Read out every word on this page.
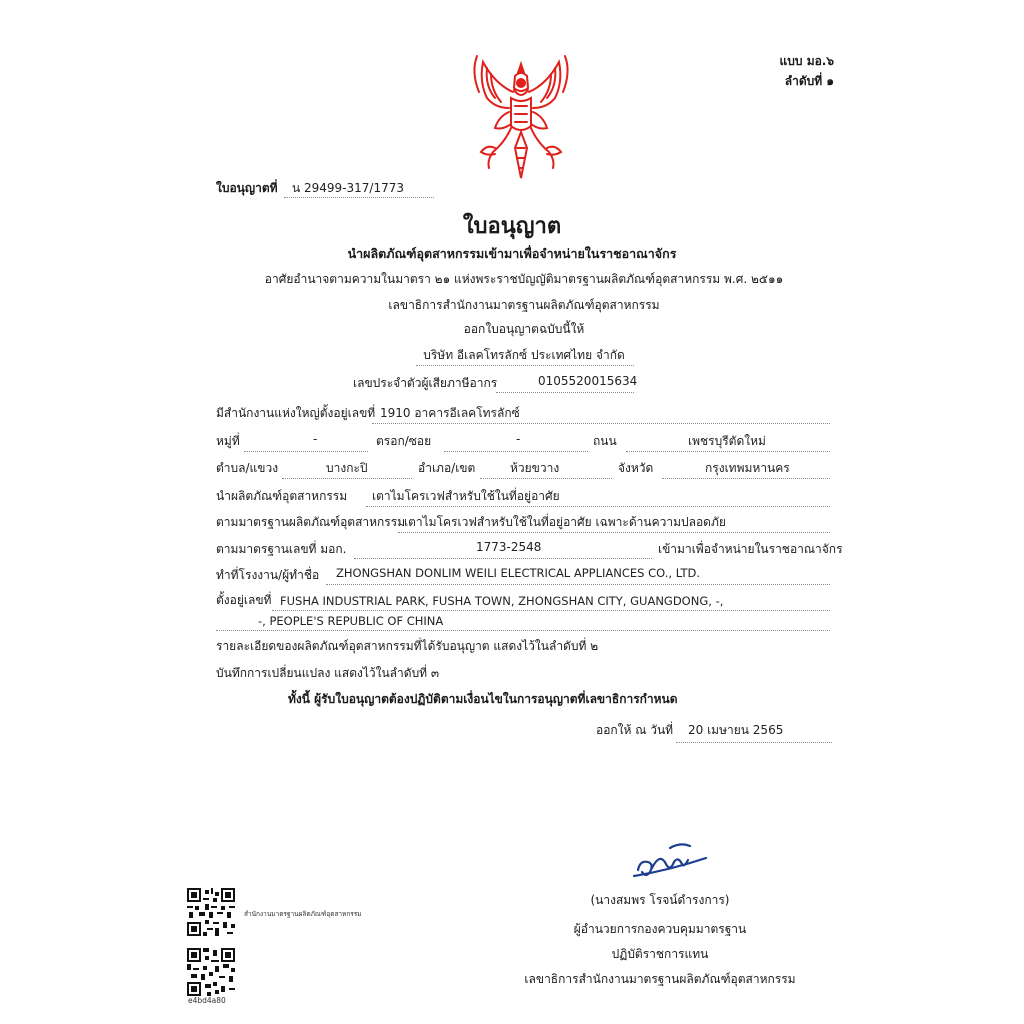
แบบ มอ.๖
ลำดับที่ ๑
ใบอนุญาตที่ น 29499-317/1773
ใบอนุญาต
นำผลิตภัณฑ์อุตสาหกรรมเข้ามาเพื่อจำหน่ายในราชอาณาจักร
อาศัยอำนาจตามความในมาตรา ๒๑ แห่งพระราชบัญญัติมาตรฐานผลิตภัณฑ์อุตสาหกรรม พ.ศ. ๒๕๑๑
เลขาธิการสำนักงานมาตรฐานผลิตภัณฑ์อุตสาหกรรม
ออกใบอนุญาตฉบับนี้ให้
บริษัท อีเลคโทรลักซ์ ประเทศไทย จำกัด
เลขประจำตัวผู้เสียภาษีอากร	0105520015634
มีสำนักงานแห่งใหญ่ตั้งอยู่เลขที่ 1910 อาคารอีเลคโทรลักซ์
หมู่ที่	-	ตรอก/ซอย	-	ถนน	เพชรบุรีตัดใหม่
ตำบล/แขวง	บางกะปิ	อำเภอ/เขต	ห้วยขวาง	จังหวัด	กรุงเทพมหานคร
นำผลิตภัณฑ์อุตสาหกรรม เตาไมโครเวฟสำหรับใช้ในที่อยู่อาศัย
ตามมาตรฐานผลิตภัณฑ์อุตสาหกรรม
เตาไมโครเวฟสำหรับใช้ในที่อยู่อาศัย เฉพาะด้านความปลอดภัย
ตามมาตรฐานเลขที่ มอก.	1773-2548	เข้ามาเพื่อจำหน่ายในราชอาณาจักร
ทำที่โรงงาน/ผู้ทำชื่อ ZHONGSHAN DONLIM WEILI ELECTRICAL APPLIANCES CO., LTD.
ตั้งอยู่เลขที่ FUSHA INDUSTRIAL PARK, FUSHA TOWN, ZHONGSHAN CITY, GUANGDONG, -,
-, PEOPLE'S REPUBLIC OF CHINA
รายละเอียดของผลิตภัณฑ์อุตสาหกรรมที่ได้รับอนุญาต แสดงไว้ในลำดับที่ ๒
บันทึกการเปลี่ยนแปลง แสดงไว้ในลำดับที่ ๓
ทั้งนี้ ผู้รับใบอนุญาตต้องปฏิบัติตามเงื่อนไขในการอนุญาตที่เลขาธิการกำหนด
ออกให้ ณ วันที่ 20 เมษายน 2565
(นางสมพร โรจน์ดำรงการ)
ผู้อำนวยการกองควบคุมมาตรฐาน
ปฏิบัติราชการแทน
เลขาธิการสำนักงานมาตรฐานผลิตภัณฑ์อุตสาหกรรม
สำนักงานมาตรฐานผลิตภัณฑ์อุตสาหกรรม
e4bd4a80
